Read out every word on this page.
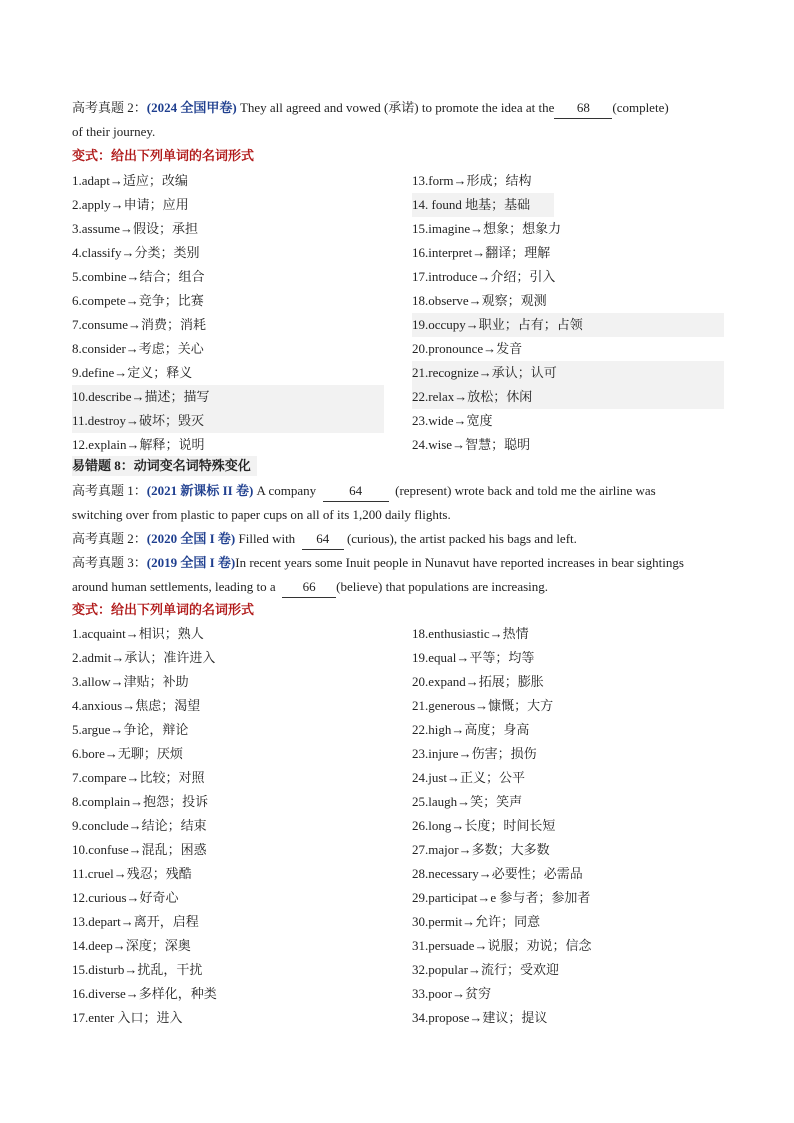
高考真题 2：(2024 全国甲卷) They all agreed and vowed (承诺) to promote the idea at the 68 (complete)
of their journey.
变式：给出下列单词的名词形式
1.adapt→适应；改编
2.apply→申请；应用
3.assume→假设；承担
4.classify→分类；类别
5.combine→结合；组合
6.compete→竞争；比赛
7.consume→消费；消耗
8.consider→考虑；关心
9.define→定义；释义
10.describe→描述；描写
11.destroy→破坏；毁灭
12.explain→解释；说明
13.form→形成；结构
14. found 地基；基础
15.imagine→想象；想象力
16.interpret→翻译；理解
17.introduce→介绍；引入
18.observe→观察；观测
19.occupy→职业；占有；占领
20.pronounce→发音
21.recognize→承认；认可
22.relax→放松；休闲
23.wide→宽度
24.wise→智慧；聪明
易错题 8：动词变名词特殊变化
高考真题 1：(2021 新课标 II 卷) A company	64	(represent) wrote back and told me the airline was
switching over from plastic to paper cups on all of its 1,200 daily flights.
高考真题 2：(2020 全国 I 卷) Filled with 64 (curious), the artist packed his bags and left.
高考真题 3：(2019 全国 I 卷)In recent years some Inuit people in Nunavut have reported increases in bear sightings
around human settlements, leading to a 66 (believe) that populations are increasing.
变式：给出下列单词的名词形式
1.acquaint→相识；熟人
2.admit→承认；准许进入
3.allow→津贴；补助
4.anxious→焦虑；渴望
5.argue→争论，辩论
6.bore→无聊；厌烦
7.compare→比较；对照
8.complain→抱怨；投诉
9.conclude→结论；结束
10.confuse→混乱；困惑
11.cruel→残忍；残酷
12.curious→好奇心
13.depart→离开，启程
14.deep→深度；深奥
15.disturb→扰乱，干扰
16.diverse→多样化，种类
17.enter 入口；进入
18.enthusiastic→热情
19.equal→平等；均等
20.expand→拓展；膨胀
21.generous→慷慨；大方
22.high→高度；身高
23.injure→伤害；损伤
24.just→正义；公平
25.laugh→笑；笑声
26.long→长度；时间长短
27.major→多数；大多数
28.necessary→必要性；必需品
29.participat→e 参与者；参加者
30.permit→允许；同意
31.persuade→说服；劝说；信念
32.popular→流行；受欢迎
33.poor→贫穷
34.propose→建议；提议
